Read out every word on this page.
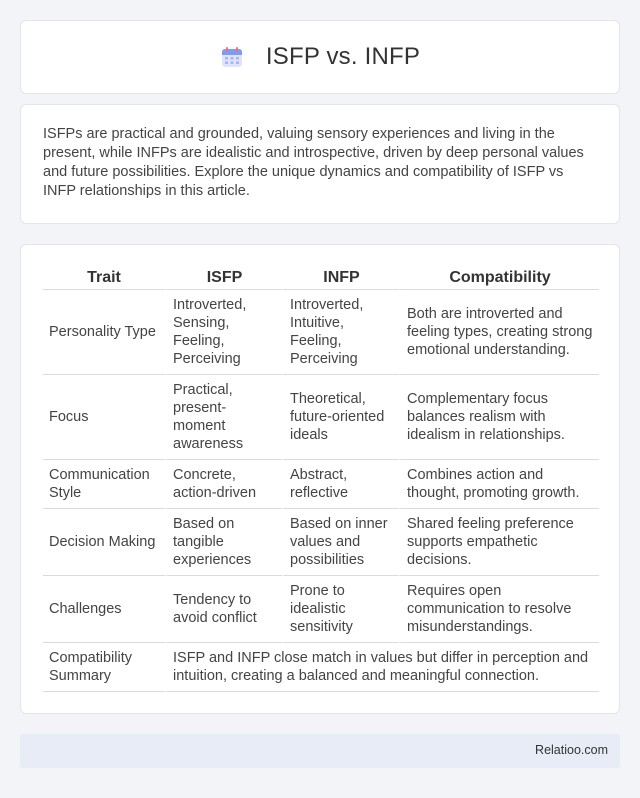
ISFP vs. INFP

ISFPs are practical and grounded, valuing sensory experiences and living in the present, while INFPs are idealistic and introspective, driven by deep personal values and future possibilities. Explore the unique dynamics and compatibility of ISFP vs INFP relationships in this article.

Trait	ISFP	INFP	Compatibility
Personality Type	Introverted, Sensing, Feeling, Perceiving	Introverted, Intuitive, Feeling, Perceiving	Both are introverted and feeling types, creating strong emotional understanding.
Focus	Practical, present-moment awareness	Theoretical, future-oriented ideals	Complementary focus balances realism with idealism in relationships.
Communication Style	Concrete, action-driven	Abstract, reflective	Combines action and thought, promoting growth.
Decision Making	Based on tangible experiences	Based on inner values and possibilities	Shared feeling preference supports empathetic decisions.
Challenges	Tendency to avoid conflict	Prone to idealistic sensitivity	Requires open communication to resolve misunderstandings.
Compatibility Summary	ISFP and INFP close match in values but differ in perception and intuition, creating a balanced and meaningful connection.		
Relatioo.com
